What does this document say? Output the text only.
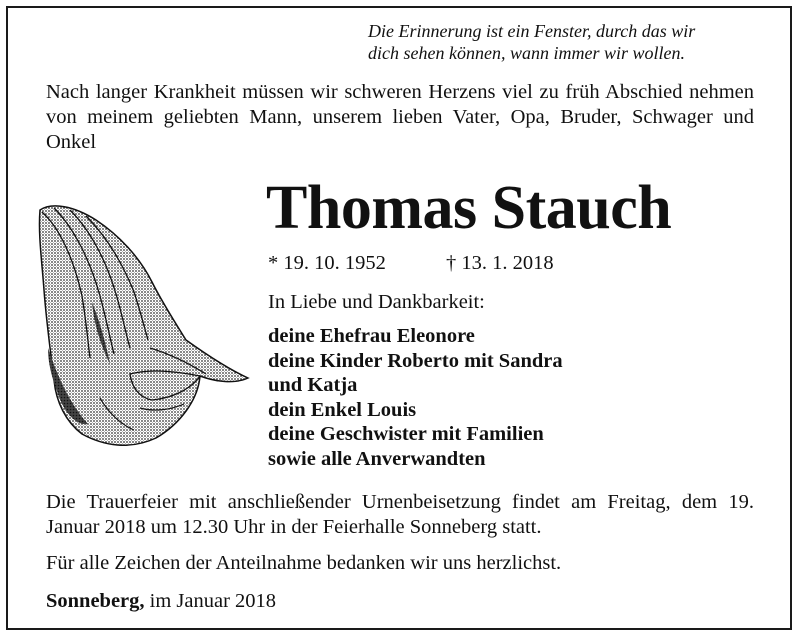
Die Erinnerung ist ein Fenster, durch das wir
dich sehen können, wann immer wir wollen.
Nach langer Krankheit müssen wir schweren Herzens viel zu früh Abschied nehmen von meinem geliebten Mann, unserem lieben Vater, Opa, Bruder, Schwager und Onkel
Thomas Stauch
* 19. 10. 1952	† 13. 1. 2018
In Liebe und Dankbarkeit:
deine Ehefrau Eleonore
deine Kinder Roberto mit Sandra
und Katja
dein Enkel Louis
deine Geschwister mit Familien
sowie alle Anverwandten
Die Trauerfeier mit anschließender Urnenbeisetzung findet am Freitag, dem 19. Januar 2018 um 12.30 Uhr in der Feierhalle Sonneberg statt.
Für alle Zeichen der Anteilnahme bedanken wir uns herzlichst.
Sonneberg, im Januar 2018
